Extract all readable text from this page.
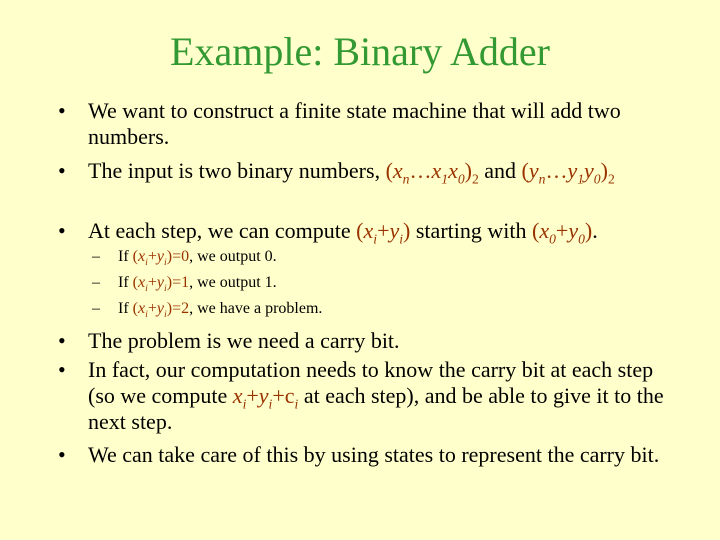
Example: Binary Adder
•	We want to construct a finite state machine that will add two numbers.
•	The input is two binary numbers, $(x_n\dots x_1x_0)_2$ and $(y_n\dots y_1y_0)_2$
•	At each step, we can compute $(x_i+y_i)$ starting with $(x_0+y_0)$.
–	If $(x_i+y_i)=0$, we output 0.
–	If $(x_i+y_i)=1$, we output 1.
–	If $(x_i+y_i)=2$, we have a problem.
•	The problem is we need a carry bit.
•	In fact, our computation needs to know the carry bit at each step (so we compute $x_i+y_i+c_i$ at each step), and be able to give it to the next step.
•	We can take care of this by using states to represent the carry bit.
